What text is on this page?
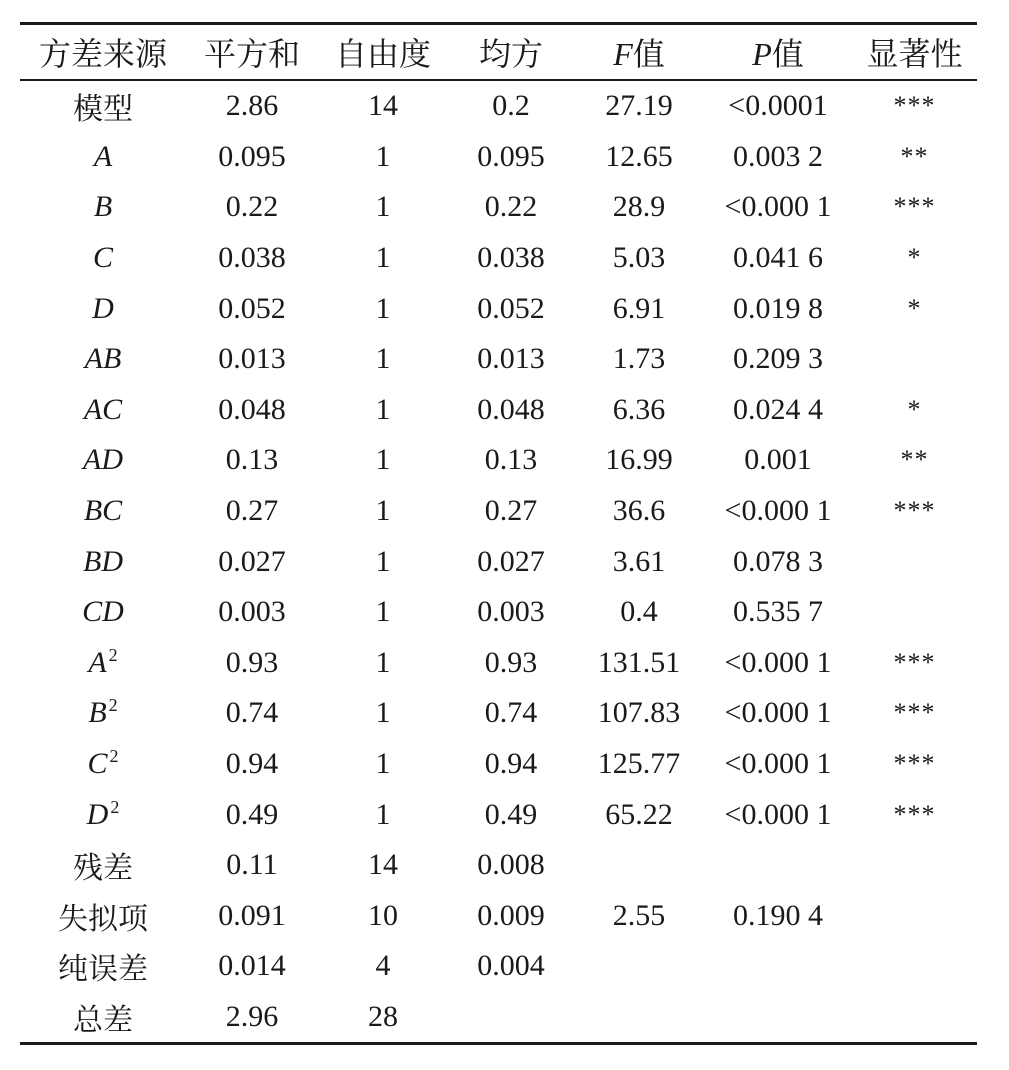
方差来源	平方和	自由度	均方	F值	P值	显著性
模型	2.86	14	0.2	27.19	<0.0001	***
A	0.095	1	0.095	12.65	0.003 2	**
B	0.22	1	0.22	28.9	<0.000 1	***
C	0.038	1	0.038	5.03	0.041 6	*
D	0.052	1	0.052	6.91	0.019 8	*
AB	0.013	1	0.013	1.73	0.209 3	
AC	0.048	1	0.048	6.36	0.024 4	*
AD	0.13	1	0.13	16.99	0.001	**
BC	0.27	1	0.27	36.6	<0.000 1	***
BD	0.027	1	0.027	3.61	0.078 3	
CD	0.003	1	0.003	0.4	0.535 7	
A $^2$	0.93	1	0.93	131.51	<0.000 1	***
B $^2$	0.74	1	0.74	107.83	<0.000 1	***
C $^2$	0.94	1	0.94	125.77	<0.000 1	***
D $^2$	0.49	1	0.49	65.22	<0.000 1	***
残差	0.11	14	0.008			
失拟项	0.091	10	0.009	2.55	0.190 4	
纯误差	0.014	4	0.004			
总差	2.96	28				
